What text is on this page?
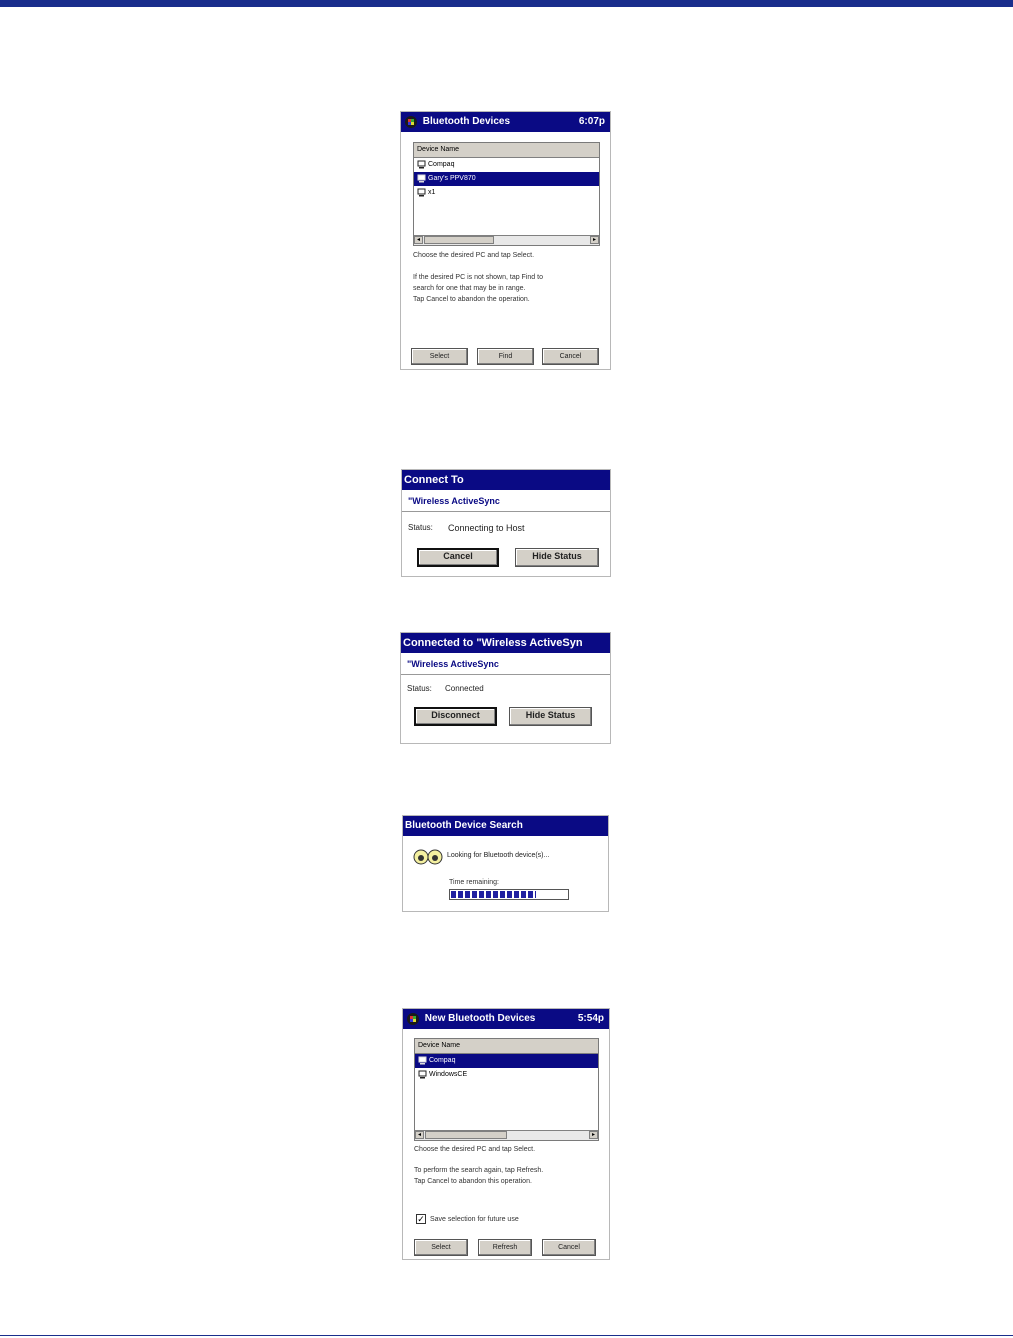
Bluetooth Devices	6:07p
Device Name
Compaq
Gary's PPV870
x1
◂	▸
Choose the desired PC and tap Select.
If the desired PC is not shown, tap Find to
search for one that may be in range.
Tap Cancel to abandon the operation.
Select	Find	Cancel
Connect To
"Wireless ActiveSync
Status: Connecting to Host
Cancel	Hide Status
Connected to "Wireless ActiveSyn
"Wireless ActiveSync
Status: Connected
Disconnect	Hide Status
Bluetooth Device Search
Looking for Bluetooth device(s)...
Time remaining:
New Bluetooth Devices	5:54p
Device Name
Compaq
WindowsCE
◂	▸
Choose the desired PC and tap Select.
To perform the search again, tap Refresh.
Tap Cancel to abandon this operation.
✓ Save selection for future use
Select	Refresh	Cancel
